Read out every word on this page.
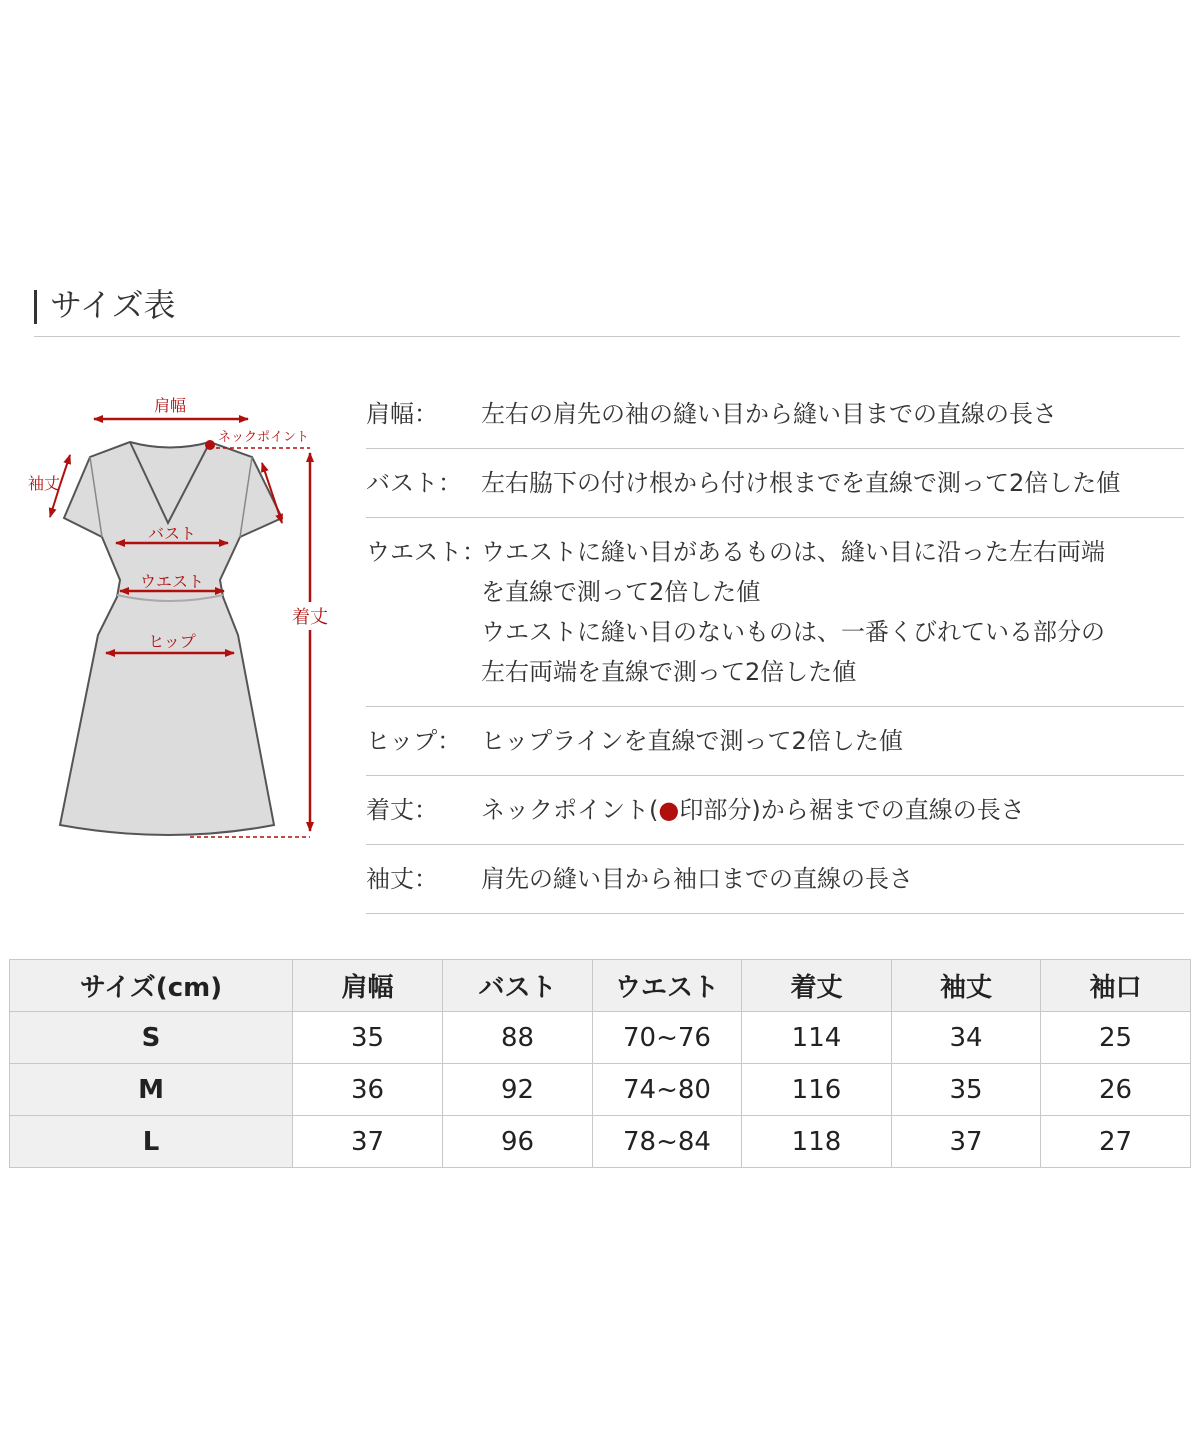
サイズ表
肩幅
ネックポイント
袖丈
バスト
ウエスト
ヒップ
着丈
肩幅： 左右の肩先の袖の縫い目から縫い目までの直線の長さ
バスト： 左右脇下の付け根から付け根までを直線で測って2倍した値
ウエスト：
ウエストに縫い目があるものは、縫い目に沿った左右両端
を直線で測って2倍した値
ウエストに縫い目のないものは、一番くびれている部分の
左右両端を直線で測って2倍した値
ヒップ： ヒップラインを直線で測って2倍した値
着丈： ネックポイント(●印部分)から裾までの直線の長さ
袖丈： 肩先の縫い目から袖口までの直線の長さ
サイズ(cm)	肩幅	バスト	ウエスト	着丈	袖丈	袖口
S	35	88	70~76	114	34	25
M	36	92	74~80	116	35	26
L	37	96	78~84	118	37	27
